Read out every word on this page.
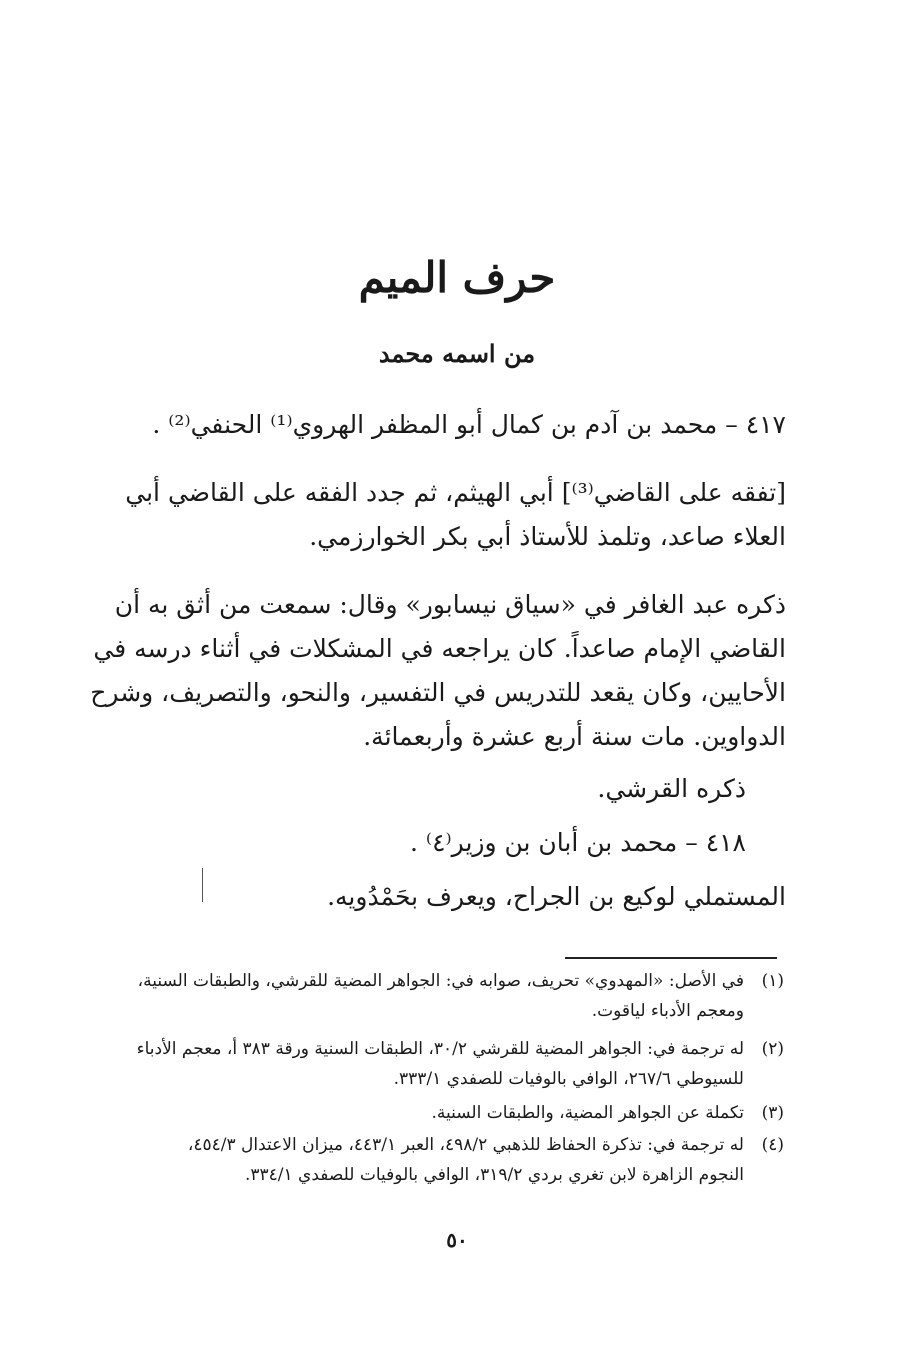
حرف الميم
من اسمه محمد
٤١٧ – محمد بن آدم بن كمال أبو المظفر الهروي⁽¹⁾ الحنفي⁽²⁾ .
[تفقه على القاضي⁽³⁾] أبي الهيثم، ثم جدد الفقه على القاضي أبي
العلاء صاعد، وتلمذ للأستاذ أبي بكر الخوارزمي.
ذكره عبد الغافر في «سياق نيسابور» وقال: سمعت من أثق به أن
القاضي الإمام صاعداً. كان يراجعه في المشكلات في أثناء درسه في
الأحايين، وكان يقعد للتدريس في التفسير، والنحو، والتصريف، وشرح
الدواوين. مات سنة أربع عشرة وأربعمائة.
ذكره القرشي.
٤١٨ – محمد بن أبان بن وزير⁽٤⁾ .
المستملي لوكيع بن الجراح، ويعرف بحَمْدُويه.
(١)
في الأصل: «المهدوي» تحريف، صوابه في: الجواهر المضية للقرشي، والطبقات السنية،
ومعجم الأدباء لياقوت.
(٢)
له ترجمة في: الجواهر المضية للقرشي ٣٠/٢، الطبقات السنية ورقة ٣٨٣ أ، معجم الأدباء
للسيوطي ٢٦٧/٦، الوافي بالوفيات للصفدي ٣٣٣/١.
(٣)
تكملة عن الجواهر المضية، والطبقات السنية.
(٤)
له ترجمة في: تذكرة الحفاظ للذهبي ٤٩٨/٢، العبر ٤٤٣/١، ميزان الاعتدال ٤٥٤/٣،
النجوم الزاهرة لابن تغري بردي ٣١٩/٢، الوافي بالوفيات للصفدي ٣٣٤/١.
٥٠
